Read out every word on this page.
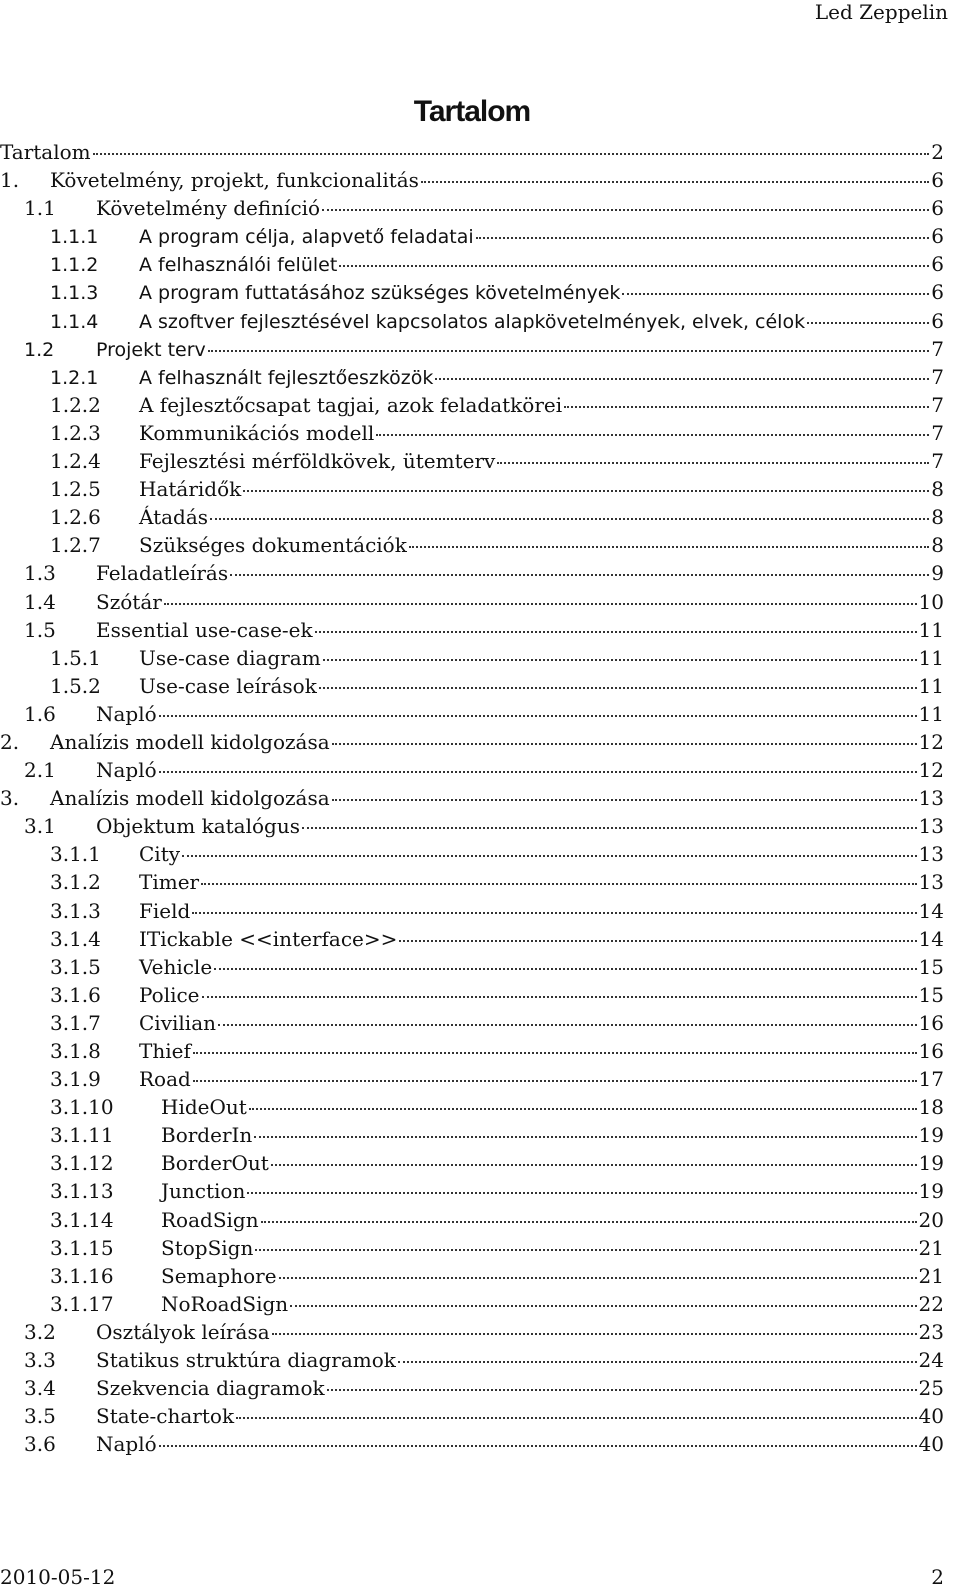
Led Zeppelin
Tartalom
Tartalom	2
1.	Követelmény, projekt, funkcionalitás	6
1.1	Követelmény definíció	6
1.1.1	A program célja, alapvető feladatai	6
1.1.2	A felhasználói felület	6
1.1.3	A program futtatásához szükséges követelmények	6
1.1.4	A szoftver fejlesztésével kapcsolatos alapkövetelmények, elvek, célok	6
1.2	Projekt terv	7
1.2.1	A felhasznált fejlesztőeszközök	7
1.2.2	A fejlesztőcsapat tagjai, azok feladatkörei	7
1.2.3	Kommunikációs modell	7
1.2.4	Fejlesztési mérföldkövek, ütemterv	7
1.2.5	Határidők	8
1.2.6	Átadás	8
1.2.7	Szükséges dokumentációk	8
1.3	Feladatleírás	9
1.4	Szótár	10
1.5	Essential use-case-ek	11
1.5.1	Use-case diagram	11
1.5.2	Use-case leírások	11
1.6	Napló	11
2.	Analízis modell kidolgozása	12
2.1	Napló	12
3.	Analízis modell kidolgozása	13
3.1	Objektum katalógus	13
3.1.1	City	13
3.1.2	Timer	13
3.1.3	Field	14
3.1.4	ITickable <<interface>>	14
3.1.5	Vehicle	15
3.1.6	Police	15
3.1.7	Civilian	16
3.1.8	Thief	16
3.1.9	Road	17
3.1.10	HideOut	18
3.1.11	BorderIn	19
3.1.12	BorderOut	19
3.1.13	Junction	19
3.1.14	RoadSign	20
3.1.15	StopSign	21
3.1.16	Semaphore	21
3.1.17	NoRoadSign	22
3.2	Osztályok leírása	23
3.3	Statikus struktúra diagramok	24
3.4	Szekvencia diagramok	25
3.5	State-chartok	40
3.6	Napló	40
2010-05-12	2
